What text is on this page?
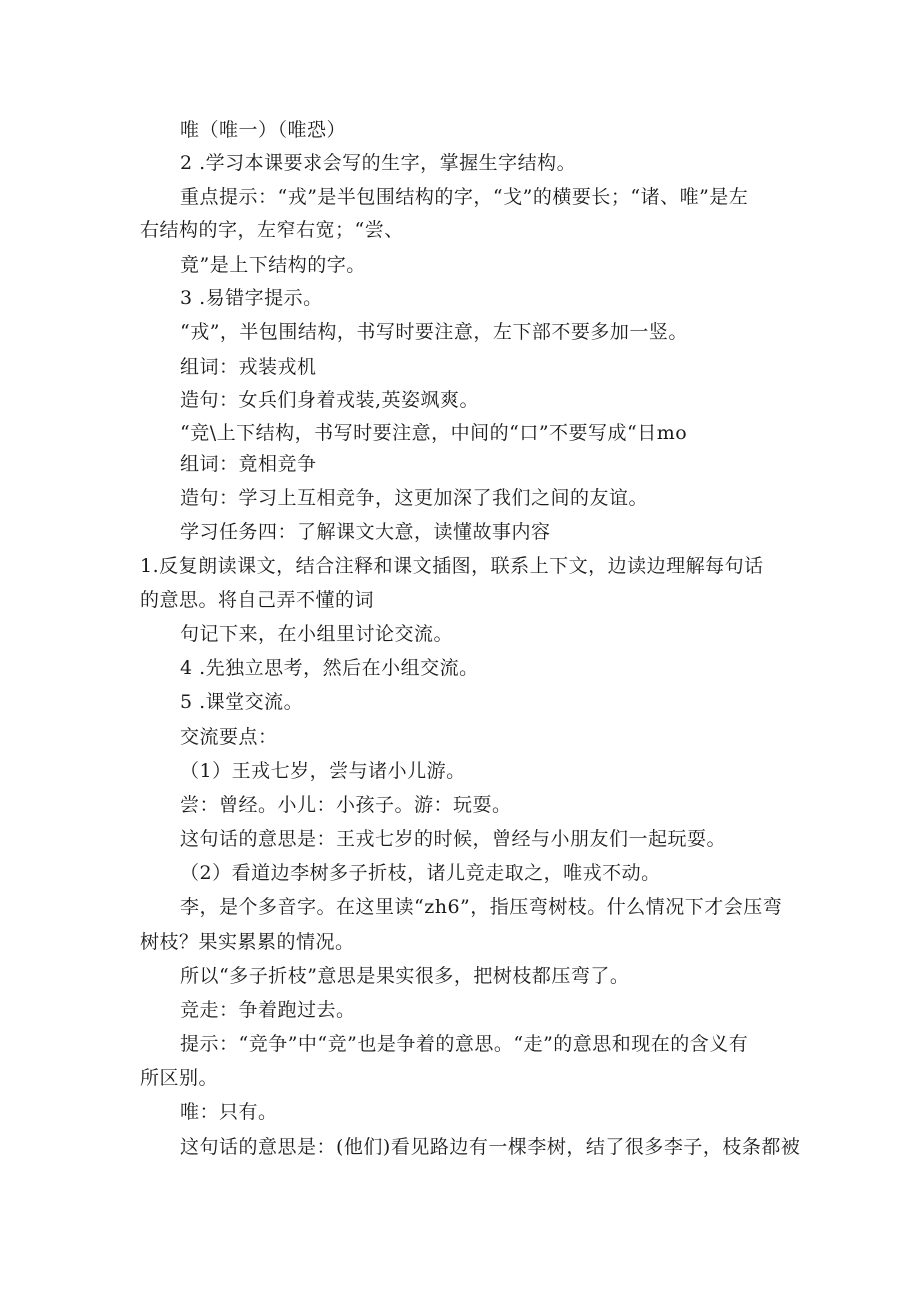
唯（唯一）（唯恐）
2 .学习本课要求会写的生字，掌握生字结构。
重点提示：“戎”是半包围结构的字，“戈”的横要长；“诸、唯”是左
右结构的字，左窄右宽；“尝、
竟”是上下结构的字。
3 .易错字提示。
“戎”，半包围结构，书写时要注意，左下部不要多加一竖。
组词：戎装戎机
造句：女兵们身着戎装,英姿飒爽。
“竞\上下结构，书写时要注意，中间的“口”不要写成“日mo
组词：竟相竞争
造句：学习上互相竞争，这更加深了我们之间的友谊。
学习任务四：了解课文大意，读懂故事内容
1.反复朗读课文，结合注释和课文插图，联系上下文，边读边理解每句话
的意思。将自己弄不懂的词
句记下来，在小组里讨论交流。
4 .先独立思考，然后在小组交流。
5 .课堂交流。
交流要点：
（1）王戎七岁，尝与诸小儿游。
尝：曾经。小儿：小孩子。游：玩耍。
这句话的意思是：王戎七岁的时候，曾经与小朋友们一起玩耍。
（2）看道边李树多子折枝，诸儿竞走取之，唯戎不动。
李，是个多音字。在这里读“zh6”，指压弯树枝。什么情况下才会压弯
树枝？果实累累的情况。
所以“多子折枝”意思是果实很多，把树枝都压弯了。
竞走：争着跑过去。
提示：“竞争”中“竞”也是争着的意思。“走”的意思和现在的含义有
所区别。
唯：只有。
这句话的意思是：(他们)看见路边有一棵李树，结了很多李子，枝条都被
